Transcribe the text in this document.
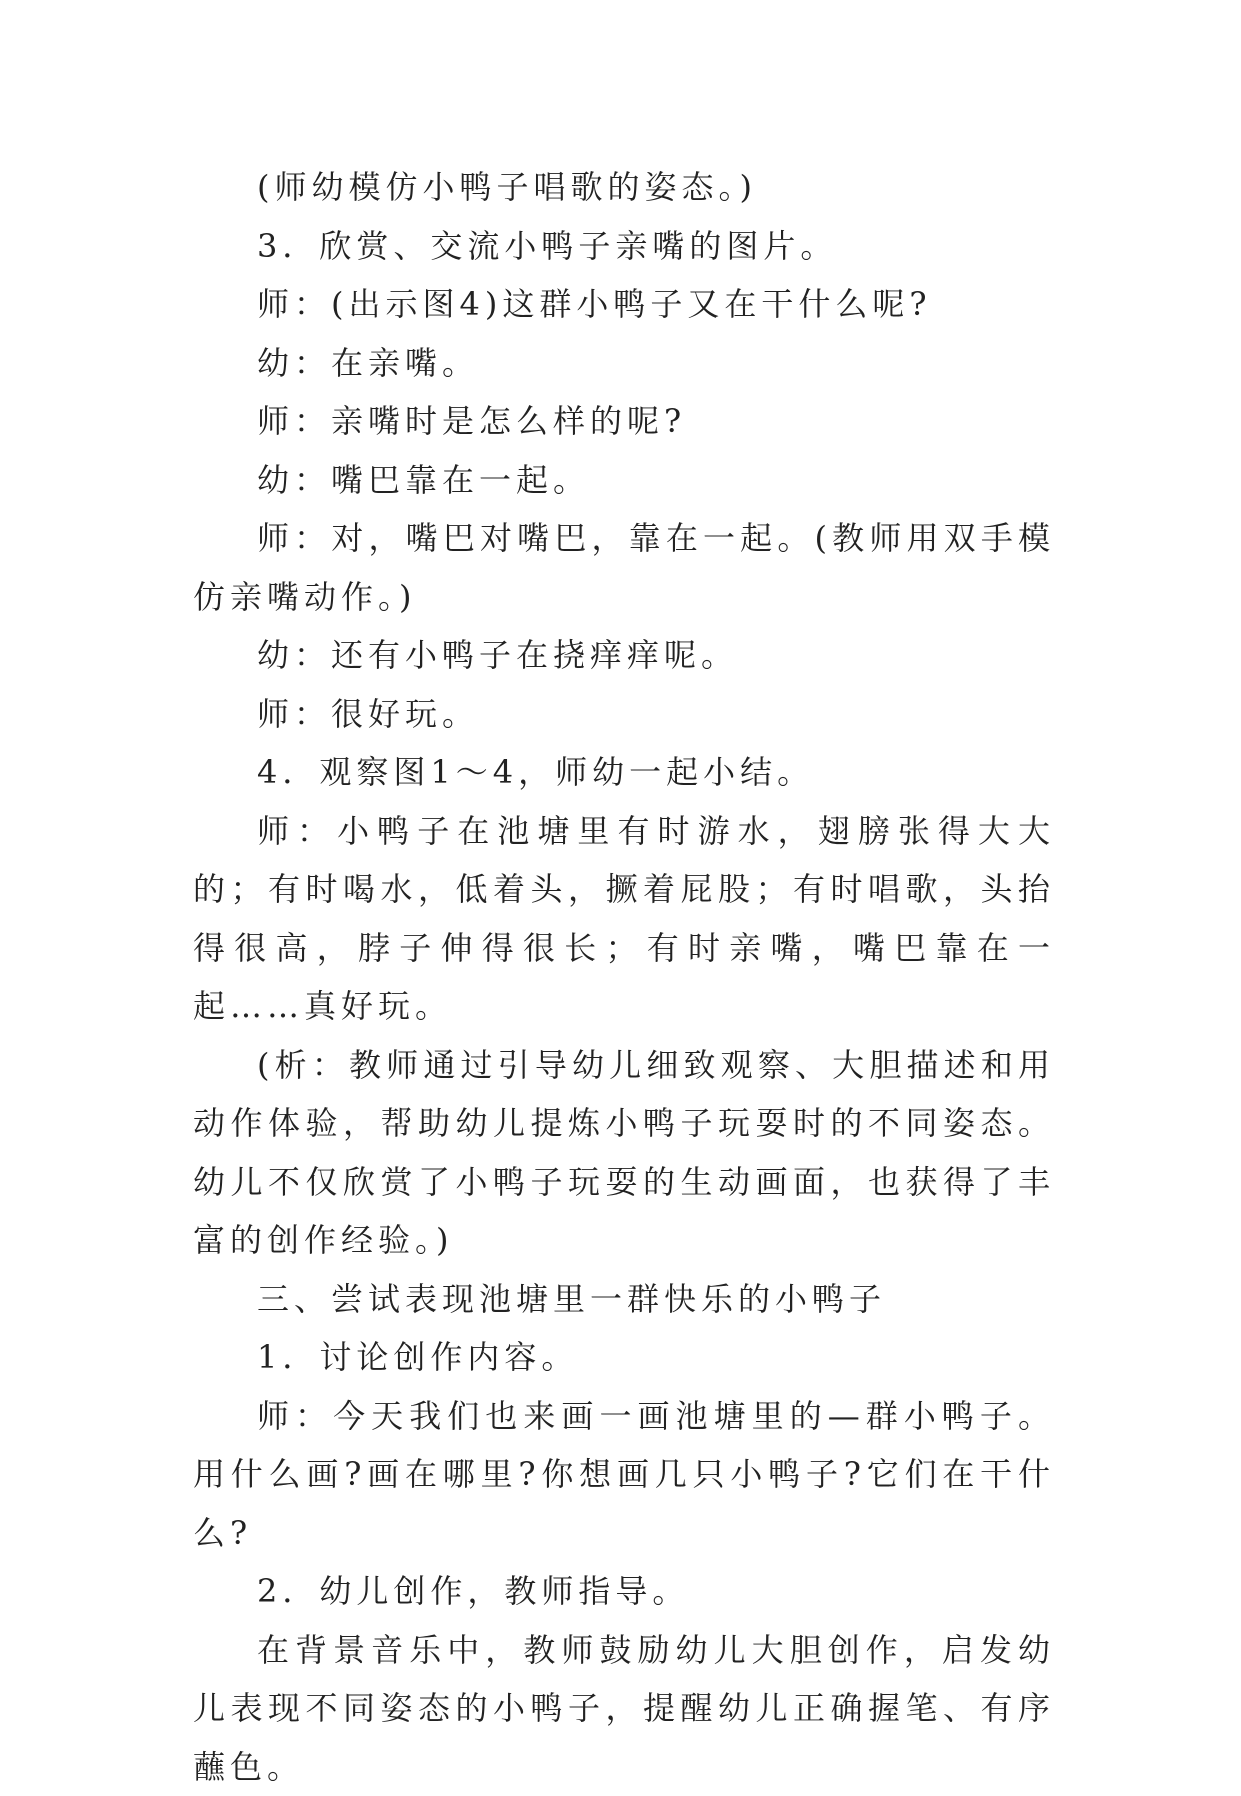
(师幼模仿小鸭子唱歌的姿态。)

3．欣赏、交流小鸭子亲嘴的图片。

师：(出示图4)这群小鸭子又在干什么呢?

幼：在亲嘴。

师：亲嘴时是怎么样的呢?

幼：嘴巴靠在一起。

师：对，嘴巴对嘴巴，靠在一起。(教师用双手模仿亲嘴动作。)

幼：还有小鸭子在挠痒痒呢。

师：很好玩。

4．观察图1～4，师幼一起小结。

师：小鸭子在池塘里有时游水，翅膀张得大大的；有时喝水，低着头，撅着屁股；有时唱歌，头抬得很高，脖子伸得很长；有时亲嘴，嘴巴靠在一起……真好玩。

(析：教师通过引导幼儿细致观察、大胆描述和用动作体验，帮助幼儿提炼小鸭子玩耍时的不同姿态。幼儿不仅欣赏了小鸭子玩耍的生动画面，也获得了丰富的创作经验。)

三、尝试表现池塘里一群快乐的小鸭子

1．讨论创作内容。

师：今天我们也来画一画池塘里的—群小鸭子。用什么画?画在哪里?你想画几只小鸭子?它们在干什么?

2．幼儿创作，教师指导。

在背景音乐中，教师鼓励幼儿大胆创作，启发幼儿表现不同姿态的小鸭子，提醒幼儿正确握笔、有序蘸色。
